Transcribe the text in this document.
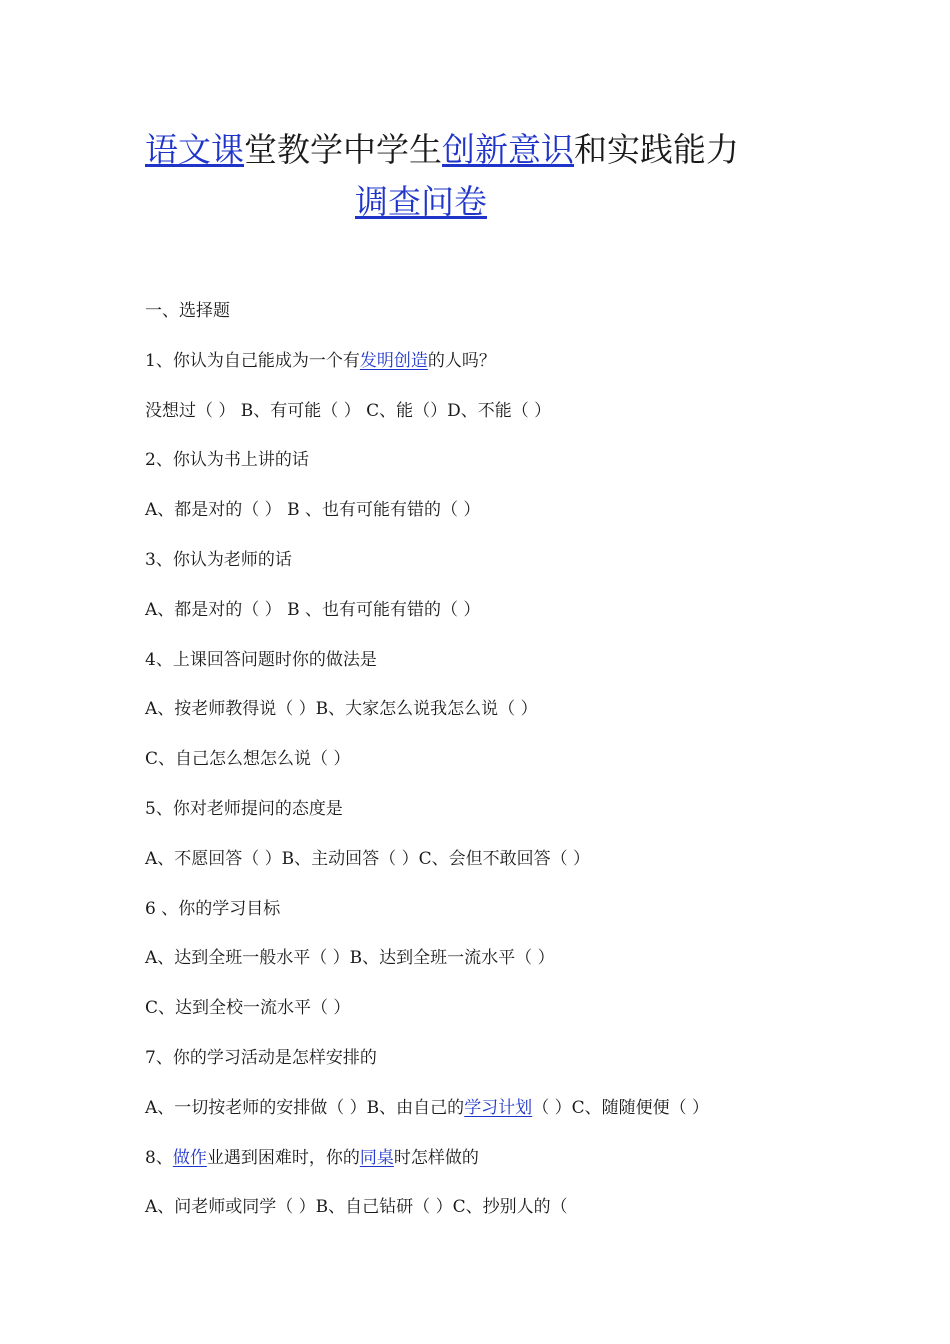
语文课堂教学中学生创新意识和实践能力
调查问卷
一、选择题
1、你认为自己能成为一个有发明创造的人吗？
没想过（ ） B、有可能（ ） C、能（）D、不能（ ）
2、你认为书上讲的话
A、都是对的（ ） B 、也有可能有错的（ ）
3、你认为老师的话
A、都是对的（ ） B 、也有可能有错的（ ）
4、上课回答问题时你的做法是
A、按老师教得说（ ）B、大家怎么说我怎么说（ ）
C、自己怎么想怎么说（ ）
5、你对老师提问的态度是
A、不愿回答（ ）B、主动回答（ ）C、会但不敢回答（ ）
6 、你的学习目标
A、达到全班一般水平（ ）B、达到全班一流水平（ ）
C、达到全校一流水平（ ）
7、你的学习活动是怎样安排的
A、一切按老师的安排做（ ）B、由自己的学习计划（ ）C、随随便便（ ）
8、做作业遇到困难时，你的同桌时怎样做的
A、问老师或同学（ ）B、自己钻研（ ）C、抄别人的（
